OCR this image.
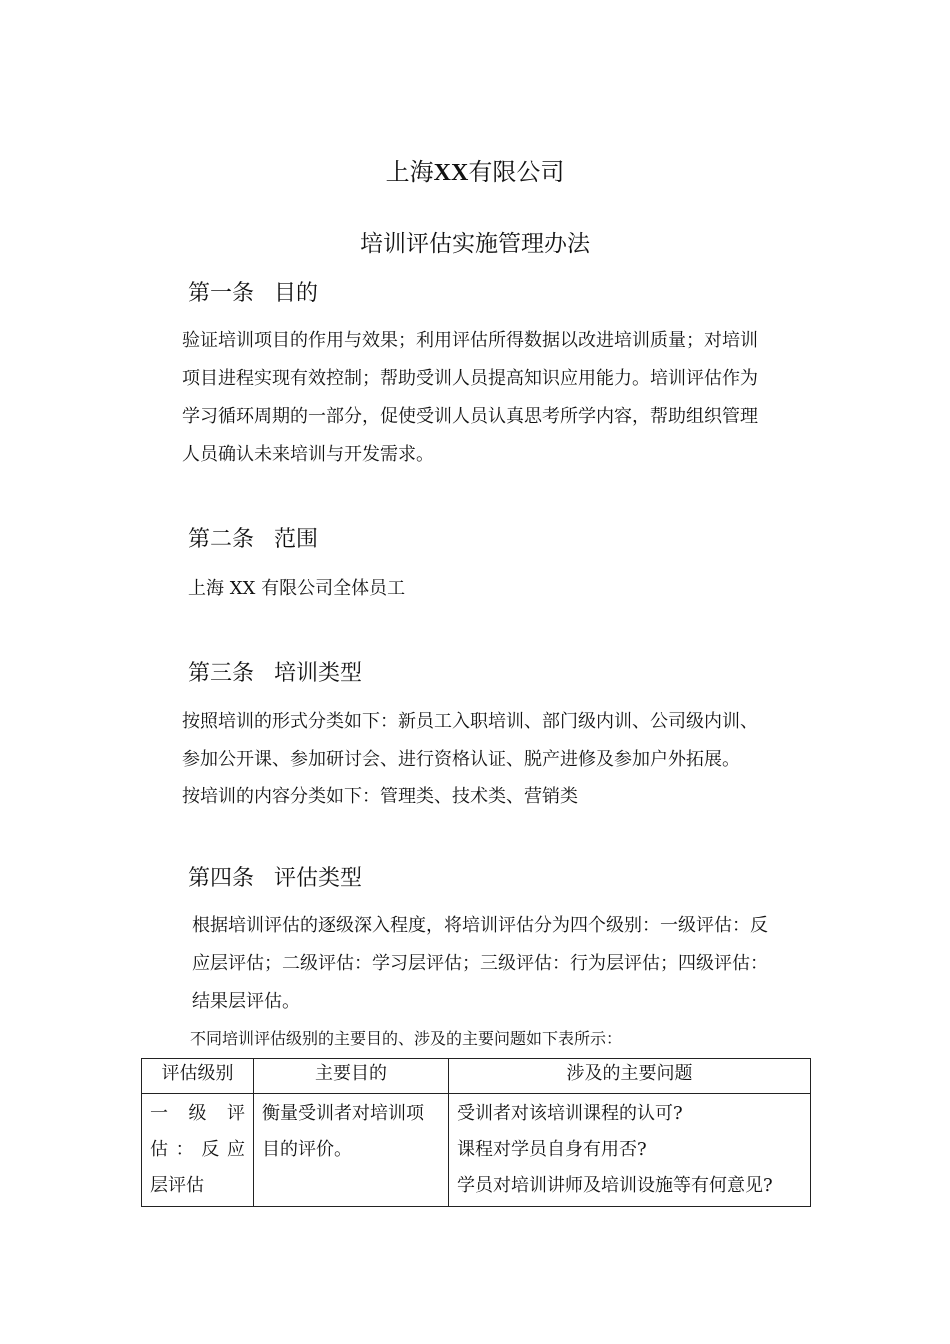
上海XX有限公司
培训评估实施管理办法
第一条 目的
验证培训项目的作用与效果；利用评估所得数据以改进培训质量；对培训
项目进程实现有效控制；帮助受训人员提高知识应用能力。培训评估作为
学习循环周期的一部分，促使受训人员认真思考所学内容，帮助组织管理
人员确认未来培训与开发需求。
第二条 范围
上海 XX 有限公司全体员工
第三条 培训类型
按照培训的形式分类如下：新员工入职培训、部门级内训、公司级内训、
参加公开课、参加研讨会、进行资格认证、脱产进修及参加户外拓展。
按培训的内容分类如下：管理类、技术类、营销类
第四条 评估类型
根据培训评估的逐级深入程度，将培训评估分为四个级别：一级评估：反
应层评估；二级评估：学习层评估；三级评估：行为层评估；四级评估：
结果层评估。
不同培训评估级别的主要目的、涉及的主要问题如下表所示：
评估级别	主要目的	涉及的主要问题

一　级　评
估：反应
层评估	衡量受训者对培训项
目的评价。	受训者对该培训课程的认可?
课程对学员自身有用否?
学员对培训讲师及培训设施等有何意见?
